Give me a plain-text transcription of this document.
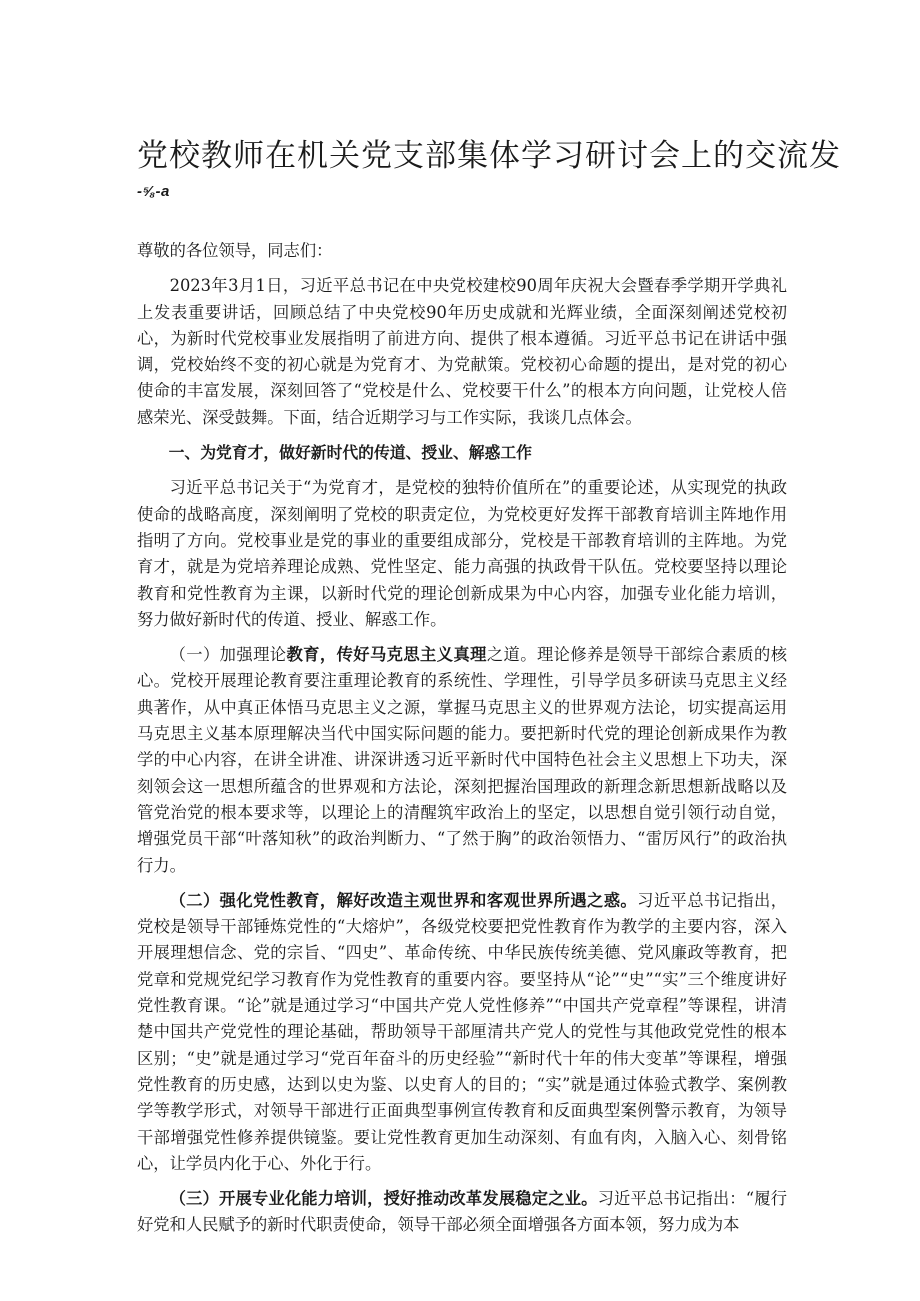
党校教师在机关党支部集体学习研讨会上的交流发
-⅝-a

尊敬的各位领导，同志们：

2023年3月1日，习近平总书记在中央党校建校90周年庆祝大会暨春季学期开学典礼上发表重要讲话，回顾总结了中央党校90年历史成就和光辉业绩，全面深刻阐述党校初心，为新时代党校事业发展指明了前进方向、提供了根本遵循。习近平总书记在讲话中强调，党校始终不变的初心就是为党育才、为党献策。党校初心命题的提出，是对党的初心使命的丰富发展，深刻回答了“党校是什么、党校要干什么”的根本方向问题，让党校人倍感荣光、深受鼓舞。下面，结合近期学习与工作实际，我谈几点体会。

一、为党育才，做好新时代的传道、授业、解惑工作

习近平总书记关于“为党育才，是党校的独特价值所在”的重要论述，从实现党的执政使命的战略高度，深刻阐明了党校的职责定位，为党校更好发挥干部教育培训主阵地作用指明了方向。党校事业是党的事业的重要组成部分，党校是干部教育培训的主阵地。为党育才，就是为党培养理论成熟、党性坚定、能力高强的执政骨干队伍。党校要坚持以理论教育和党性教育为主课，以新时代党的理论创新成果为中心内容，加强专业化能力培训，努力做好新时代的传道、授业、解惑工作。

（一）加强理论教育，传好马克思主义真理之道。理论修养是领导干部综合素质的核心。党校开展理论教育要注重理论教育的系统性、学理性，引导学员多研读马克思主义经典著作，从中真正体悟马克思主义之源，掌握马克思主义的世界观方法论，切实提高运用马克思主义基本原理解决当代中国实际问题的能力。要把新时代党的理论创新成果作为教学的中心内容，在讲全讲准、讲深讲透习近平新时代中国特色社会主义思想上下功夫，深刻领会这一思想所蕴含的世界观和方法论，深刻把握治国理政的新理念新思想新战略以及管党治党的根本要求等，以理论上的清醒筑牢政治上的坚定，以思想自觉引领行动自觉，增强党员干部“叶落知秋”的政治判断力、“了然于胸”的政治领悟力、“雷厉风行”的政治执行力。

（二）强化党性教育，解好改造主观世界和客观世界所遇之惑。习近平总书记指出，党校是领导干部锤炼党性的“大熔炉”，各级党校要把党性教育作为教学的主要内容，深入开展理想信念、党的宗旨、“四史”、革命传统、中华民族传统美德、党风廉政等教育，把党章和党规党纪学习教育作为党性教育的重要内容。要坚持从“论”“史”“实”三个维度讲好党性教育课。“论”就是通过学习“中国共产党人党性修养”“中国共产党章程”等课程，讲清楚中国共产党党性的理论基础，帮助领导干部厘清共产党人的党性与其他政党党性的根本区别；“史”就是通过学习“党百年奋斗的历史经验”“新时代十年的伟大变革”等课程，增强党性教育的历史感，达到以史为鉴、以史育人的目的；“实”就是通过体验式教学、案例教学等教学形式，对领导干部进行正面典型事例宣传教育和反面典型案例警示教育，为领导干部增强党性修养提供镜鉴。要让党性教育更加生动深刻、有血有肉，入脑入心、刻骨铭心，让学员内化于心、外化于行。

（三）开展专业化能力培训，授好推动改革发展稳定之业。习近平总书记指出：“履行好党和人民赋予的新时代职责使命，领导干部必须全面增强各方面本领，努力成为本
